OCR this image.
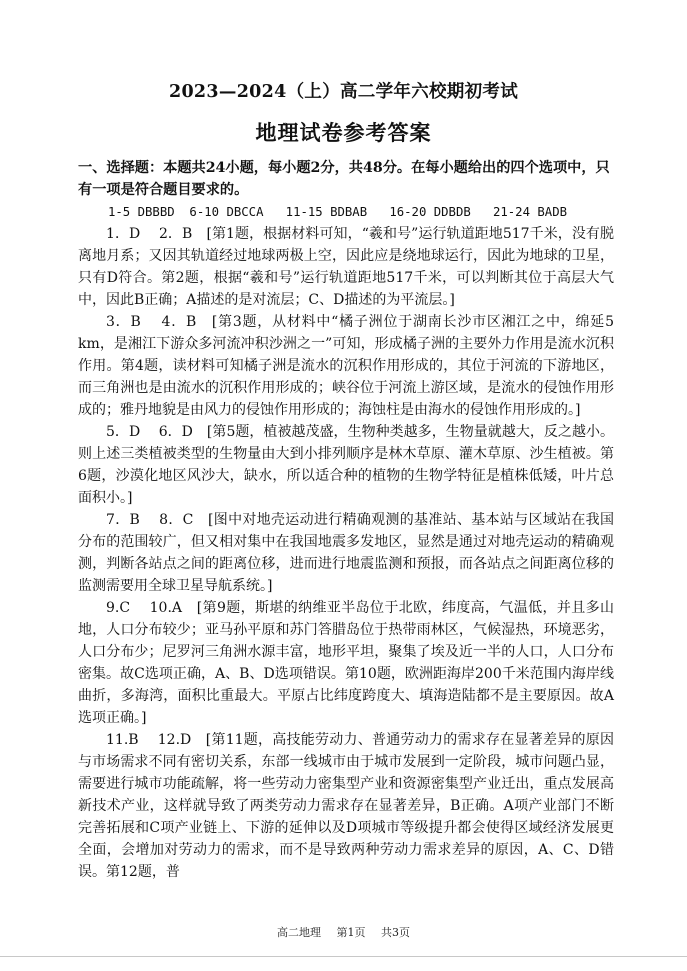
2023—2024（上）高二学年六校期初考试
地理试卷参考答案
一、选择题：本题共24小题，每小题2分，共48分。在每小题给出的四个选项中，只有一项是符合题目要求的。
1-5 DBBBD  6-10 DBCCA   11-15 BDBAB   16-20 DDBDB   21-24 BADB

1．D　 2．B　[第1题，根据材料可知，“羲和号”运行轨道距地517千米，没有脱离地月系；又因其轨道经过地球两极上空，因此应是绕地球运行，因此为地球的卫星，只有D符合。第2题，根据“羲和号”运行轨道距地517千米，可以判断其位于高层大气中，因此B正确；A描述的是对流层；C、D描述的为平流层。]

3．B　 4．B　[第3题，从材料中“橘子洲位于湖南长沙市区湘江之中，绵延5 km，是湘江下游众多河流冲积沙洲之一”可知，形成橘子洲的主要外力作用是流水沉积作用。第4题，读材料可知橘子洲是流水的沉积作用形成的，其位于河流的下游地区，而三角洲也是由流水的沉积作用形成的；峡谷位于河流上游区域，是流水的侵蚀作用形成的；雅丹地貌是由风力的侵蚀作用形成的；海蚀柱是由海水的侵蚀作用形成的。]

5．D　 6．D　[第5题，植被越茂盛，生物种类越多，生物量就越大，反之越小。则上述三类植被类型的生物量由大到小排列顺序是林木草原、灌木草原、沙生植被。第6题，沙漠化地区风沙大，缺水，所以适合种的植物的生物学特征是植株低矮，叶片总面积小。]

7．B　 8．C　[图中对地壳运动进行精确观测的基准站、基本站与区域站在我国分布的范围较广，但又相对集中在我国地震多发地区，显然是通过对地壳运动的精确观测，判断各站点之间的距离位移，进而进行地震监测和预报，而各站点之间距离位移的监测需要用全球卫星导航系统。]

9.C　 10.A　[第9题，斯堪的纳维亚半岛位于北欧，纬度高，气温低，并且多山地，人口分布较少；亚马孙平原和苏门答腊岛位于热带雨林区，气候湿热，环境恶劣，人口分布少；尼罗河三角洲水源丰富，地形平坦，聚集了埃及近一半的人口，人口分布密集。故C选项正确，A、B、D选项错误。第10题，欧洲距海岸200千米范围内海岸线曲折，多海湾，面积比重最大。平原占比纬度跨度大、填海造陆都不是主要原因。故A选项正确。]

11.B　 12.D　[第11题，高技能劳动力、普通劳动力的需求存在显著差异的原因与市场需求不同有密切关系，东部一线城市由于城市发展到一定阶段，城市问题凸显，需要进行城市功能疏解，将一些劳动力密集型产业和资源密集型产业迁出，重点发展高新技术产业，这样就导致了两类劳动力需求存在显著差异，B正确。A项产业部门不断完善拓展和C项产业链上、下游的延伸以及D项城市等级提升都会使得区域经济发展更全面，会增加对劳动力的需求，而不是导致两种劳动力需求差异的原因，A、C、D错误。第12题，普

高二地理 第1页 共3页
